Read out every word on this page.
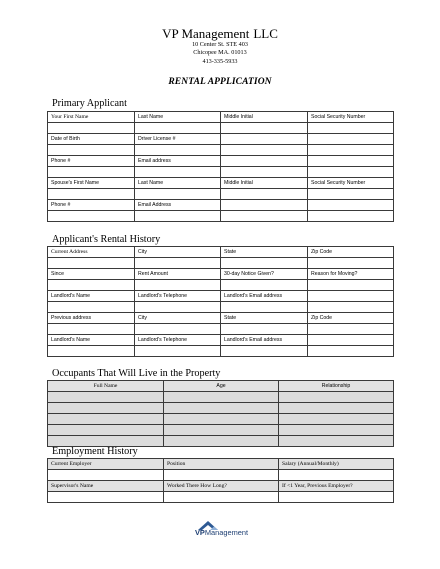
VP Management LLC
10 Center St. STE 403
Chicopee MA. 01013
413-335-5933
RENTAL APPLICATION
Primary Applicant
Your First Name	Last Name	Middle Initial	Social Security Number

Date of Birth	Driver License #		

Phone #	Email address		

Spouse's First Name	Last Name	Middle Initial	Social Security Number

Phone #	Email Address		

Applicant's Rental History
Current Address	City	State	Zip Code

Since	Rent Amount	30-day Notice Given?	Reason for Moving?

Landlord's Name	Landlord's Telephone	Landlord's Email address	

Previous address	City	State	Zip Code

Landlord's Name	Landlord's Telephone	Landlord's Email address	

Occupants That Will Live in the Property
Full Name	Age	Relationship

Employment History
Current Employer	Position	Salary (Annual/Monthly)

Supervisor's Name	Worked There How Long?	If <1 Year, Previous Employer?

VPManagement
